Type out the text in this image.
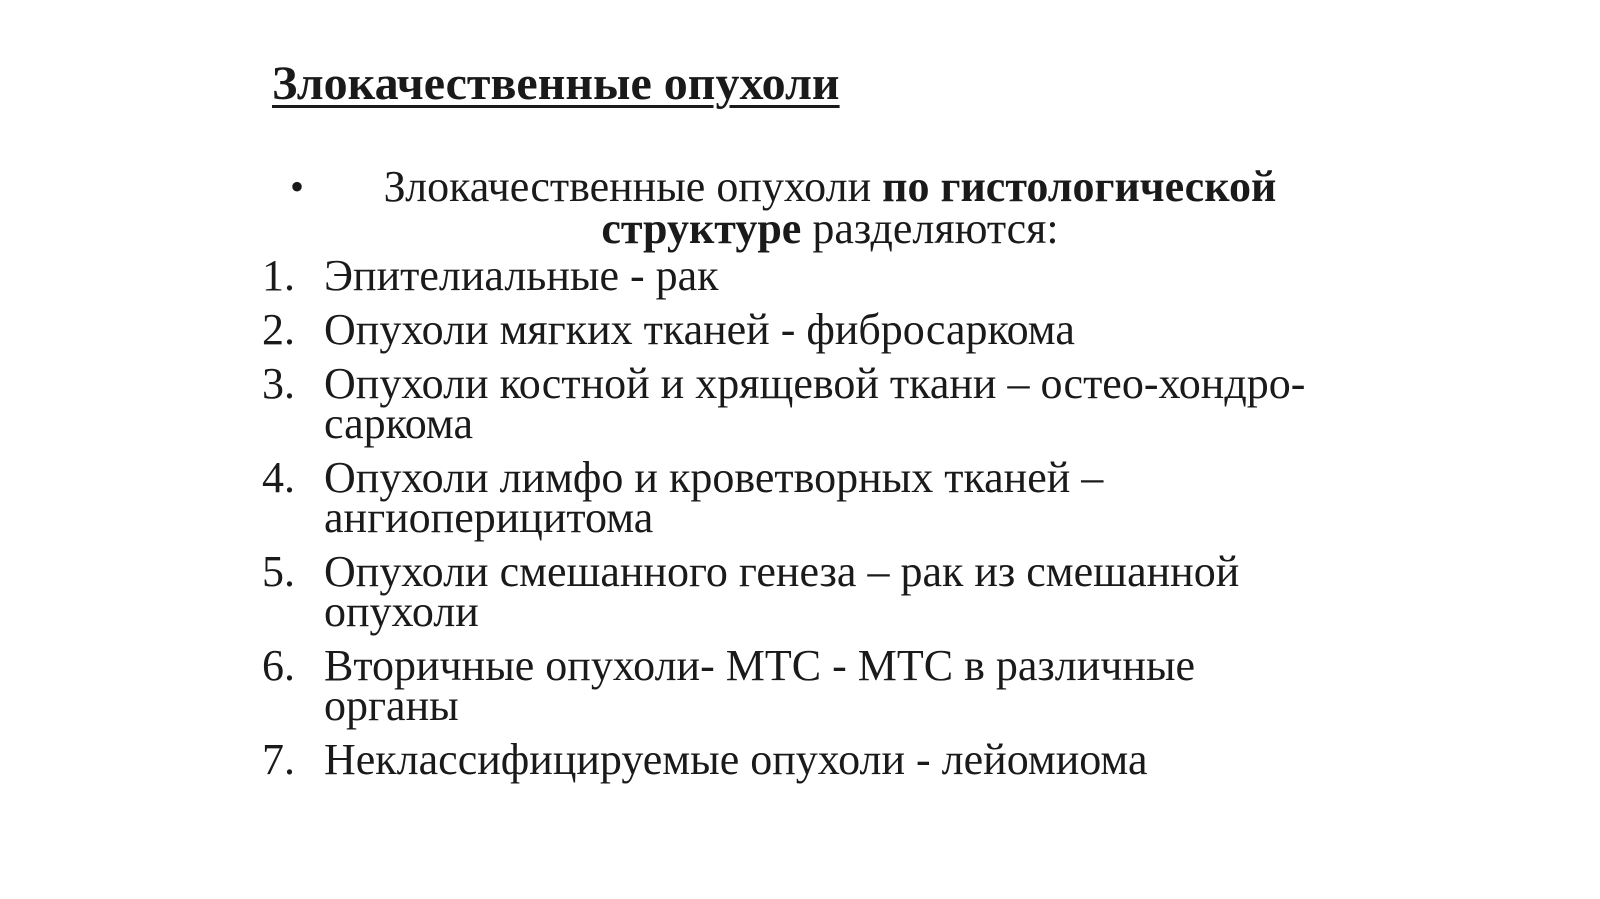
Злокачественные опухоли
•	Злокачественные опухоли по гистологической структуре разделяются:
1. Эпителиальные - рак
2. Опухоли мягких тканей - фибросаркома
3. Опухоли костной и хрящевой ткани – остео-хондро-саркома
4. Опухоли лимфо и кроветворных тканей – ангиоперицитома
5. Опухоли смешанного генеза – рак из смешанной опухоли
6. Вторичные опухоли- МТС - МТС в различные органы
7. Неклассифицируемые опухоли - лейомиома
